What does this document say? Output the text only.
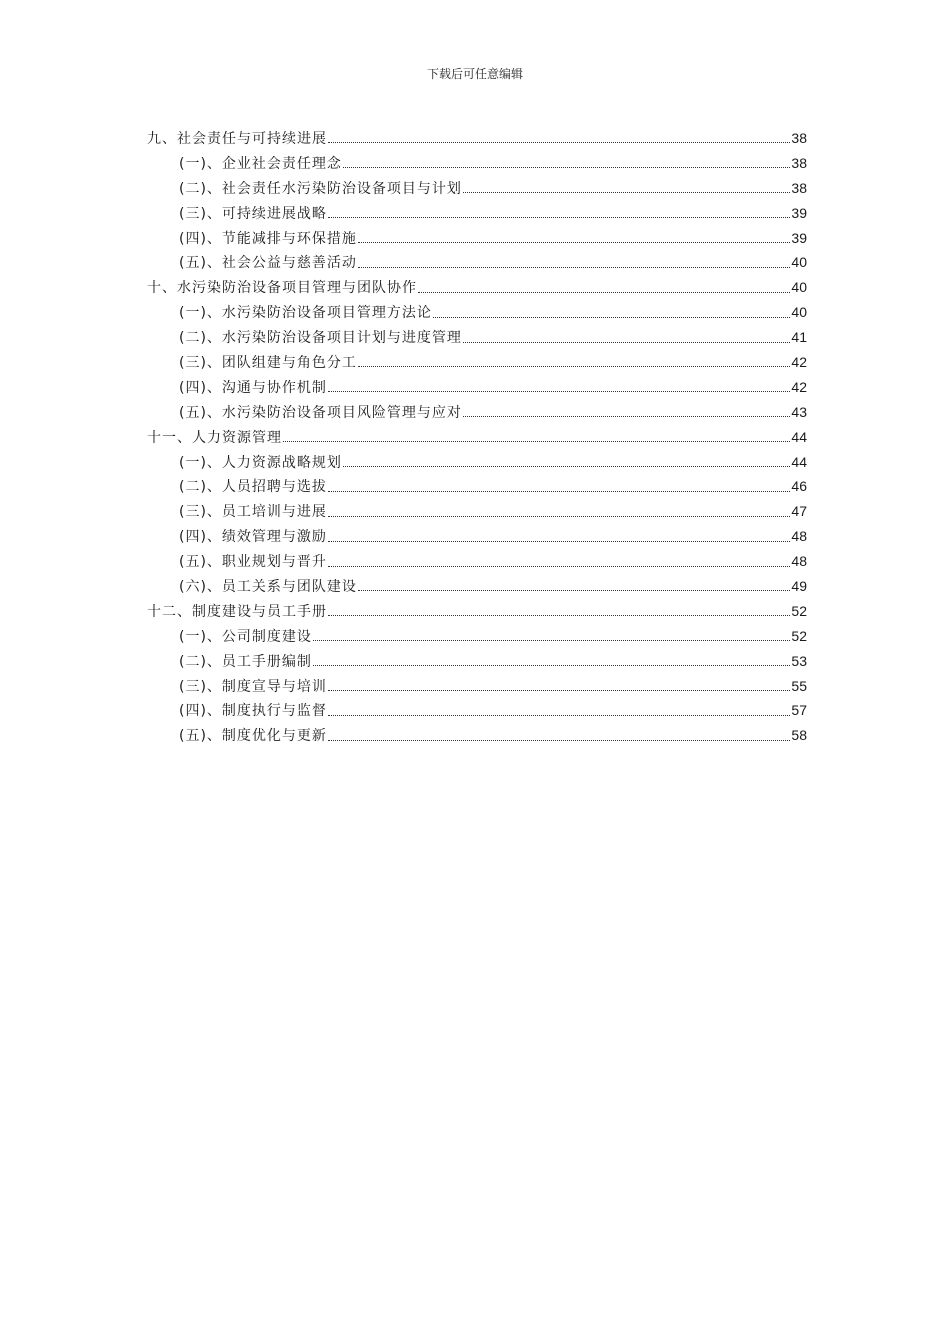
下载后可任意编辑
九、社会责任与可持续进展	38
(一)、企业社会责任理念	38
(二)、社会责任水污染防治设备项目与计划	38
(三)、可持续进展战略	39
(四)、节能减排与环保措施	39
(五)、社会公益与慈善活动	40
十、水污染防治设备项目管理与团队协作	40
(一)、水污染防治设备项目管理方法论	40
(二)、水污染防治设备项目计划与进度管理	41
(三)、团队组建与角色分工	42
(四)、沟通与协作机制	42
(五)、水污染防治设备项目风险管理与应对	43
十一、人力资源管理	44
(一)、人力资源战略规划	44
(二)、人员招聘与选拔	46
(三)、员工培训与进展	47
(四)、绩效管理与激励	48
(五)、职业规划与晋升	48
(六)、员工关系与团队建设	49
十二、制度建设与员工手册	52
(一)、公司制度建设	52
(二)、员工手册编制	53
(三)、制度宣导与培训	55
(四)、制度执行与监督	57
(五)、制度优化与更新	58
